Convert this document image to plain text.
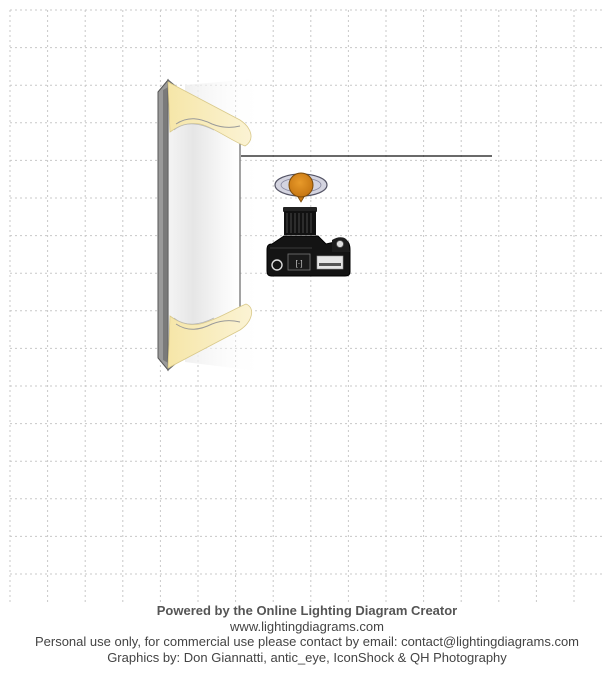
[·]
Powered by the Online Lighting Diagram Creator
www.lightingdiagrams.com
Personal use only, for commercial use please contact by email: contact@lightingdiagrams.com
Graphics by: Don Giannatti, antic_eye, IconShock & QH Photography
